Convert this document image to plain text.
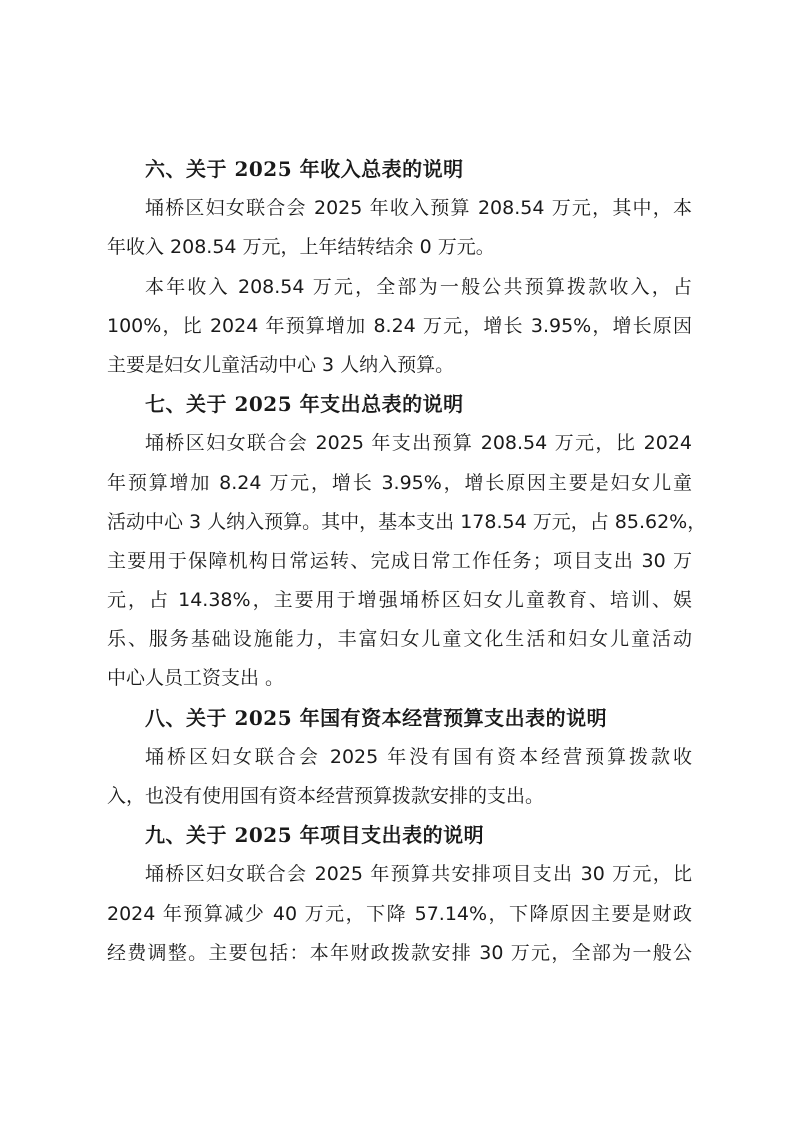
六、关于 2025 年收入总表的说明

埇桥区妇女联合会 2025 年收入预算 208.54 万元，其中，本
年收入 208.54 万元，上年结转结余 0 万元。
本年收入 208.54 万元，全部为一般公共预算拨款收入，占
100%，比 2024 年预算增加 8.24 万元，增长 3.95%，增长原因
主要是妇女儿童活动中心 3 人纳入预算。

七、关于 2025 年支出总表的说明

埇桥区妇女联合会 2025 年支出预算 208.54 万元，比 2024
年预算增加 8.24 万元，增长 3.95%，增长原因主要是妇女儿童
活动中心 3 人纳入预算。其中，基本支出 178.54 万元，占 85.62%，
主要用于保障机构日常运转、完成日常工作任务；项目支出 30 万
元，占 14.38%，主要用于增强埇桥区妇女儿童教育、培训、娱
乐、服务基础设施能力，丰富妇女儿童文化生活和妇女儿童活动
中心人员工资支出 。

八、关于 2025 年国有资本经营预算支出表的说明

埇桥区妇女联合会 2025 年没有国有资本经营预算拨款收
入，也没有使用国有资本经营预算拨款安排的支出。

九、关于 2025 年项目支出表的说明

埇桥区妇女联合会 2025 年预算共安排项目支出 30 万元，比
2024 年预算减少 40 万元，下降 57.14%，下降原因主要是财政
经费调整。主要包括：本年财政拨款安排 30 万元，全部为一般公
